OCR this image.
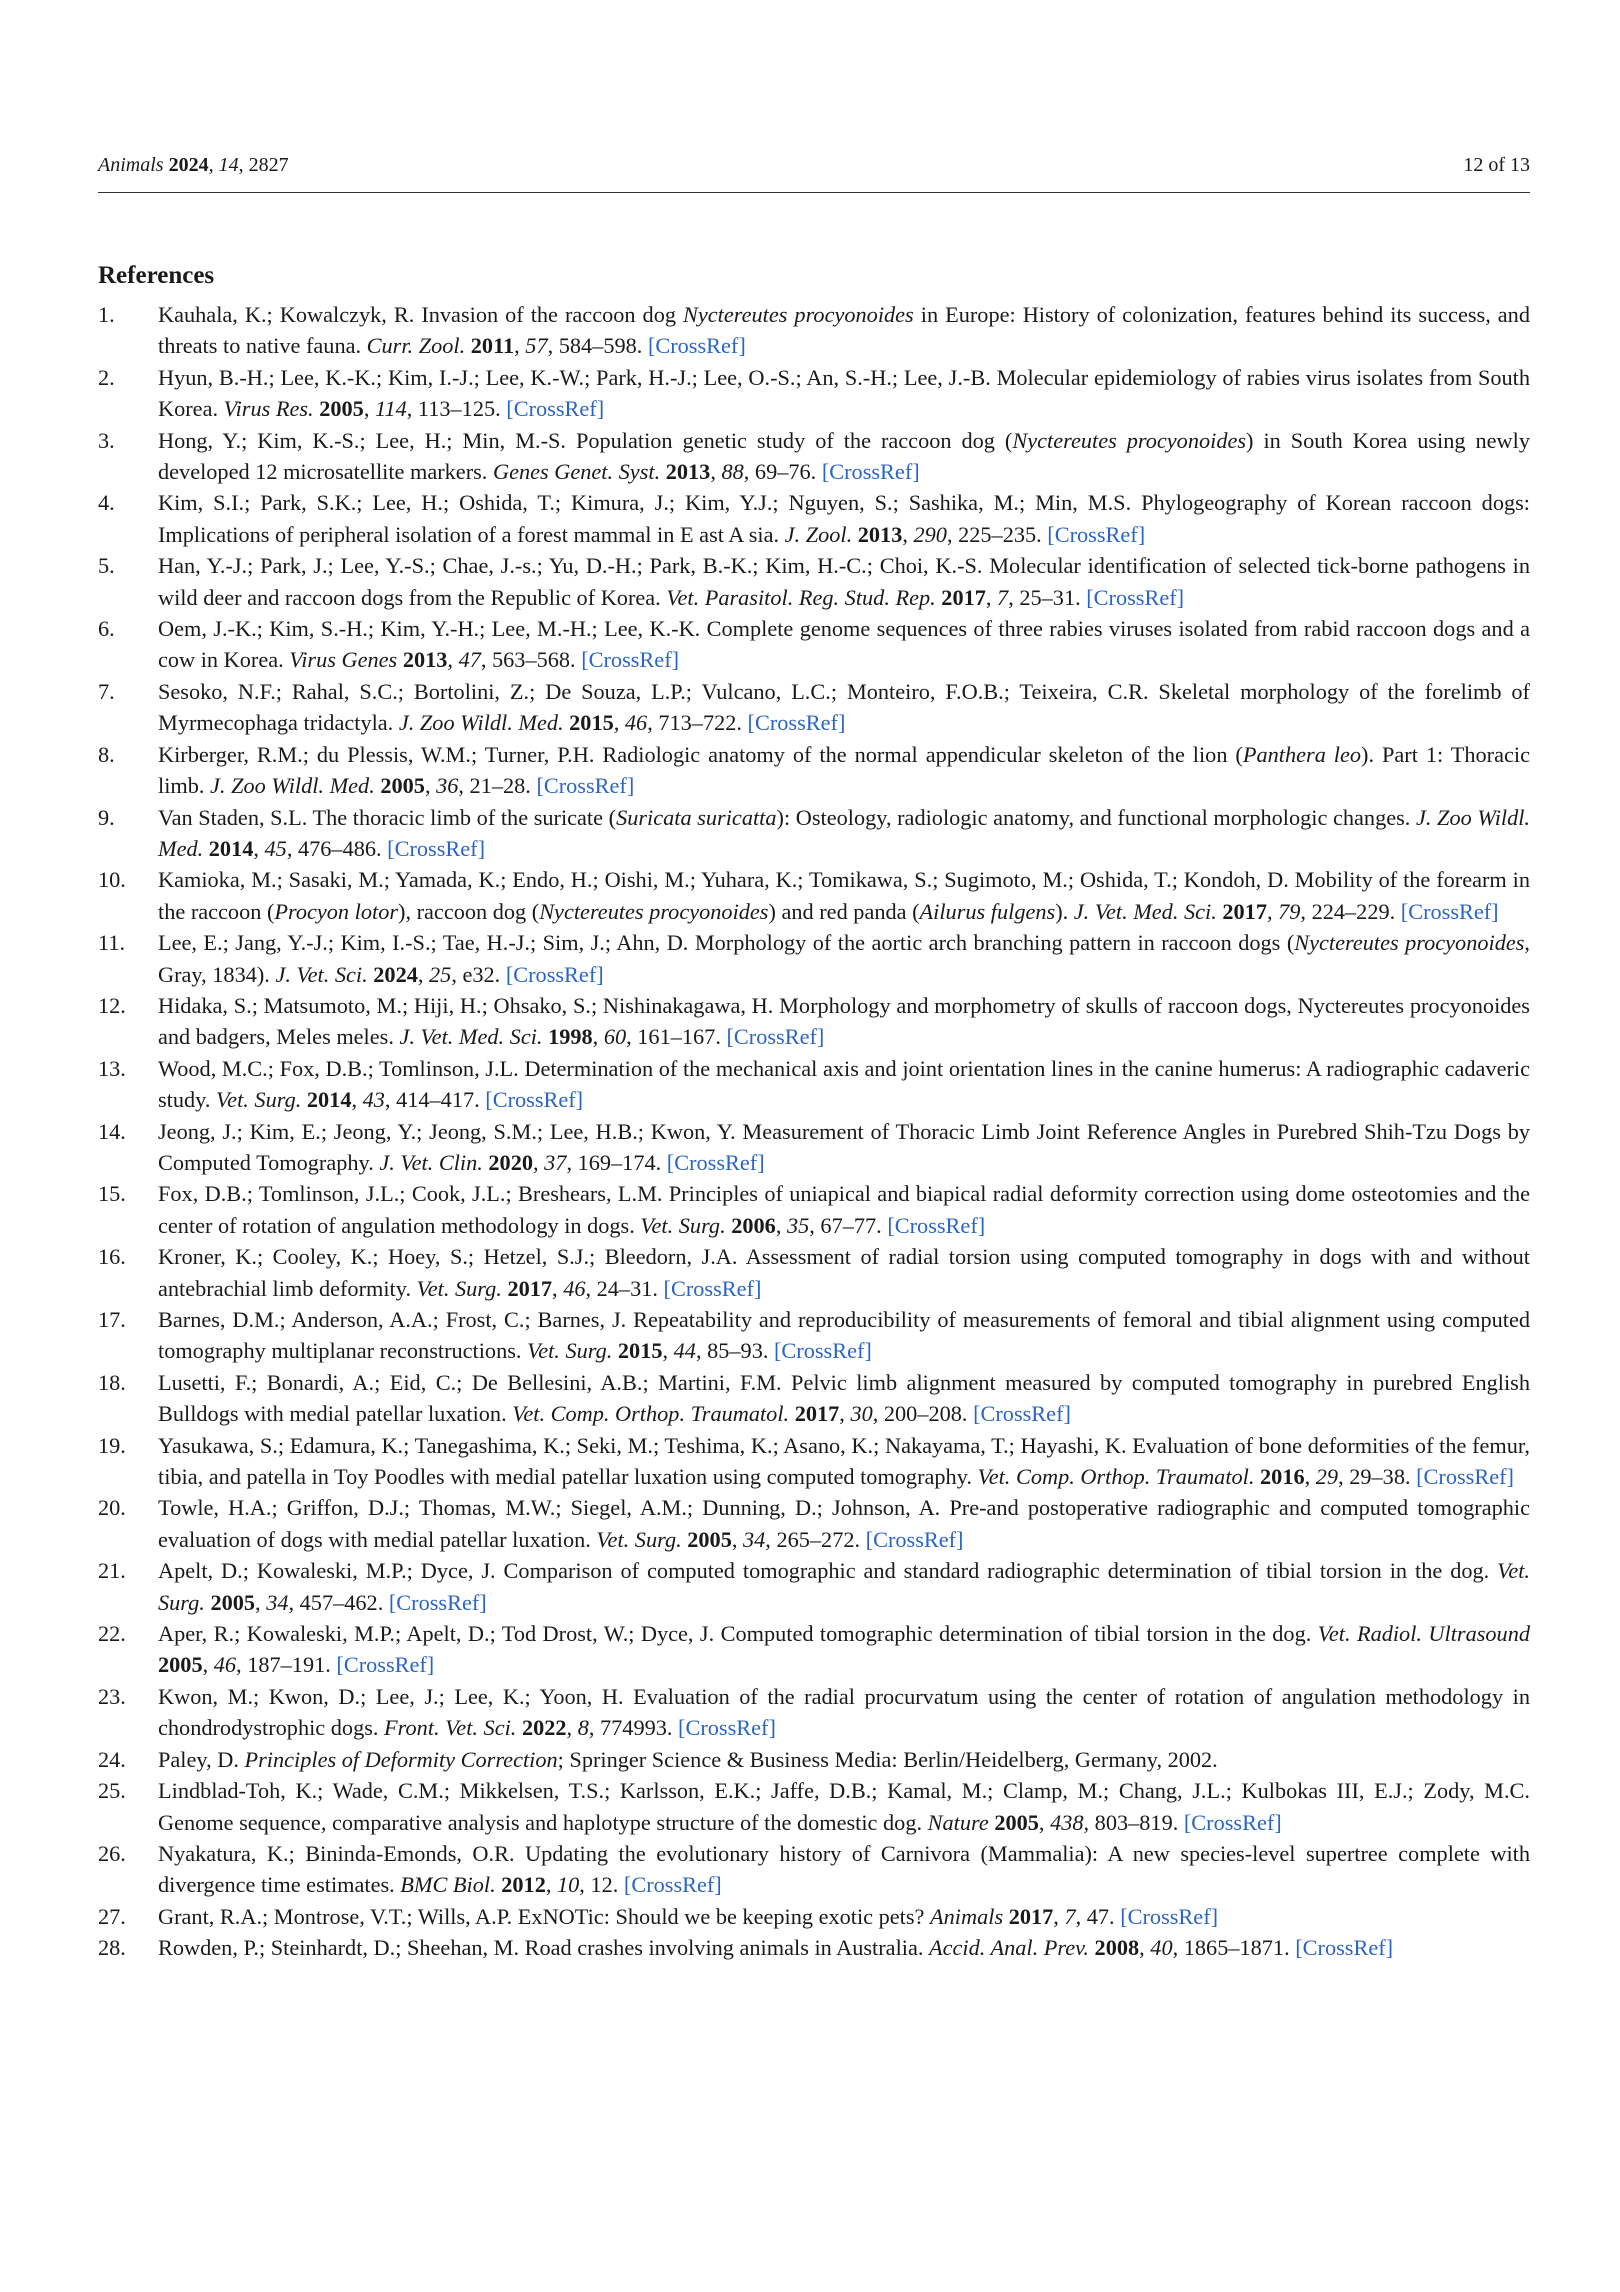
Animals 2024, 14, 2827	12 of 13
References
1. Kauhala, K.; Kowalczyk, R. Invasion of the raccoon dog Nyctereutes procyonoides in Europe: History of colonization, features behind its success, and threats to native fauna. Curr. Zool. 2011, 57, 584–598. [CrossRef]
2. Hyun, B.-H.; Lee, K.-K.; Kim, I.-J.; Lee, K.-W.; Park, H.-J.; Lee, O.-S.; An, S.-H.; Lee, J.-B. Molecular epidemiology of rabies virus isolates from South Korea. Virus Res. 2005, 114, 113–125. [CrossRef]
3. Hong, Y.; Kim, K.-S.; Lee, H.; Min, M.-S. Population genetic study of the raccoon dog (Nyctereutes procyonoides) in South Korea using newly developed 12 microsatellite markers. Genes Genet. Syst. 2013, 88, 69–76. [CrossRef]
4. Kim, S.I.; Park, S.K.; Lee, H.; Oshida, T.; Kimura, J.; Kim, Y.J.; Nguyen, S.; Sashika, M.; Min, M.S. Phylogeography of Korean raccoon dogs: Implications of peripheral isolation of a forest mammal in E ast A sia. J. Zool. 2013, 290, 225–235. [CrossRef]
5. Han, Y.-J.; Park, J.; Lee, Y.-S.; Chae, J.-s.; Yu, D.-H.; Park, B.-K.; Kim, H.-C.; Choi, K.-S. Molecular identification of selected tick-borne pathogens in wild deer and raccoon dogs from the Republic of Korea. Vet. Parasitol. Reg. Stud. Rep. 2017, 7, 25–31. [CrossRef]
6. Oem, J.-K.; Kim, S.-H.; Kim, Y.-H.; Lee, M.-H.; Lee, K.-K. Complete genome sequences of three rabies viruses isolated from rabid raccoon dogs and a cow in Korea. Virus Genes 2013, 47, 563–568. [CrossRef]
7. Sesoko, N.F.; Rahal, S.C.; Bortolini, Z.; De Souza, L.P.; Vulcano, L.C.; Monteiro, F.O.B.; Teixeira, C.R. Skeletal morphology of the forelimb of Myrmecophaga tridactyla. J. Zoo Wildl. Med. 2015, 46, 713–722. [CrossRef]
8. Kirberger, R.M.; du Plessis, W.M.; Turner, P.H. Radiologic anatomy of the normal appendicular skeleton of the lion (Panthera leo). Part 1: Thoracic limb. J. Zoo Wildl. Med. 2005, 36, 21–28. [CrossRef]
9. Van Staden, S.L. The thoracic limb of the suricate (Suricata suricatta): Osteology, radiologic anatomy, and functional morphologic changes. J. Zoo Wildl. Med. 2014, 45, 476–486. [CrossRef]
10. Kamioka, M.; Sasaki, M.; Yamada, K.; Endo, H.; Oishi, M.; Yuhara, K.; Tomikawa, S.; Sugimoto, M.; Oshida, T.; Kondoh, D. Mobility of the forearm in the raccoon (Procyon lotor), raccoon dog (Nyctereutes procyonoides) and red panda (Ailurus fulgens). J. Vet. Med. Sci. 2017, 79, 224–229. [CrossRef]
11. Lee, E.; Jang, Y.-J.; Kim, I.-S.; Tae, H.-J.; Sim, J.; Ahn, D. Morphology of the aortic arch branching pattern in raccoon dogs (Nyctereutes procyonoides, Gray, 1834). J. Vet. Sci. 2024, 25, e32. [CrossRef]
12. Hidaka, S.; Matsumoto, M.; Hiji, H.; Ohsako, S.; Nishinakagawa, H. Morphology and morphometry of skulls of raccoon dogs, Nyctereutes procyonoides and badgers, Meles meles. J. Vet. Med. Sci. 1998, 60, 161–167. [CrossRef]
13. Wood, M.C.; Fox, D.B.; Tomlinson, J.L. Determination of the mechanical axis and joint orientation lines in the canine humerus: A radiographic cadaveric study. Vet. Surg. 2014, 43, 414–417. [CrossRef]
14. Jeong, J.; Kim, E.; Jeong, Y.; Jeong, S.M.; Lee, H.B.; Kwon, Y. Measurement of Thoracic Limb Joint Reference Angles in Purebred Shih-Tzu Dogs by Computed Tomography. J. Vet. Clin. 2020, 37, 169–174. [CrossRef]
15. Fox, D.B.; Tomlinson, J.L.; Cook, J.L.; Breshears, L.M. Principles of uniapical and biapical radial deformity correction using dome osteotomies and the center of rotation of angulation methodology in dogs. Vet. Surg. 2006, 35, 67–77. [CrossRef]
16. Kroner, K.; Cooley, K.; Hoey, S.; Hetzel, S.J.; Bleedorn, J.A. Assessment of radial torsion using computed tomography in dogs with and without antebrachial limb deformity. Vet. Surg. 2017, 46, 24–31. [CrossRef]
17. Barnes, D.M.; Anderson, A.A.; Frost, C.; Barnes, J. Repeatability and reproducibility of measurements of femoral and tibial alignment using computed tomography multiplanar reconstructions. Vet. Surg. 2015, 44, 85–93. [CrossRef]
18. Lusetti, F.; Bonardi, A.; Eid, C.; De Bellesini, A.B.; Martini, F.M. Pelvic limb alignment measured by computed tomography in purebred English Bulldogs with medial patellar luxation. Vet. Comp. Orthop. Traumatol. 2017, 30, 200–208. [CrossRef]
19. Yasukawa, S.; Edamura, K.; Tanegashima, K.; Seki, M.; Teshima, K.; Asano, K.; Nakayama, T.; Hayashi, K. Evaluation of bone deformities of the femur, tibia, and patella in Toy Poodles with medial patellar luxation using computed tomography. Vet. Comp. Orthop. Traumatol. 2016, 29, 29–38. [CrossRef]
20. Towle, H.A.; Griffon, D.J.; Thomas, M.W.; Siegel, A.M.; Dunning, D.; Johnson, A. Pre-and postoperative radiographic and computed tomographic evaluation of dogs with medial patellar luxation. Vet. Surg. 2005, 34, 265–272. [CrossRef]
21. Apelt, D.; Kowaleski, M.P.; Dyce, J. Comparison of computed tomographic and standard radiographic determination of tibial torsion in the dog. Vet. Surg. 2005, 34, 457–462. [CrossRef]
22. Aper, R.; Kowaleski, M.P.; Apelt, D.; Tod Drost, W.; Dyce, J. Computed tomographic determination of tibial torsion in the dog. Vet. Radiol. Ultrasound 2005, 46, 187–191. [CrossRef]
23. Kwon, M.; Kwon, D.; Lee, J.; Lee, K.; Yoon, H. Evaluation of the radial procurvatum using the center of rotation of angulation methodology in chondrodystrophic dogs. Front. Vet. Sci. 2022, 8, 774993. [CrossRef]
24. Paley, D. Principles of Deformity Correction; Springer Science & Business Media: Berlin/Heidelberg, Germany, 2002.
25. Lindblad-Toh, K.; Wade, C.M.; Mikkelsen, T.S.; Karlsson, E.K.; Jaffe, D.B.; Kamal, M.; Clamp, M.; Chang, J.L.; Kulbokas III, E.J.; Zody, M.C. Genome sequence, comparative analysis and haplotype structure of the domestic dog. Nature 2005, 438, 803–819. [CrossRef]
26. Nyakatura, K.; Bininda-Emonds, O.R. Updating the evolutionary history of Carnivora (Mammalia): A new species-level supertree complete with divergence time estimates. BMC Biol. 2012, 10, 12. [CrossRef]
27. Grant, R.A.; Montrose, V.T.; Wills, A.P. ExNOTic: Should we be keeping exotic pets? Animals 2017, 7, 47. [CrossRef]
28. Rowden, P.; Steinhardt, D.; Sheehan, M. Road crashes involving animals in Australia. Accid. Anal. Prev. 2008, 40, 1865–1871. [CrossRef]
